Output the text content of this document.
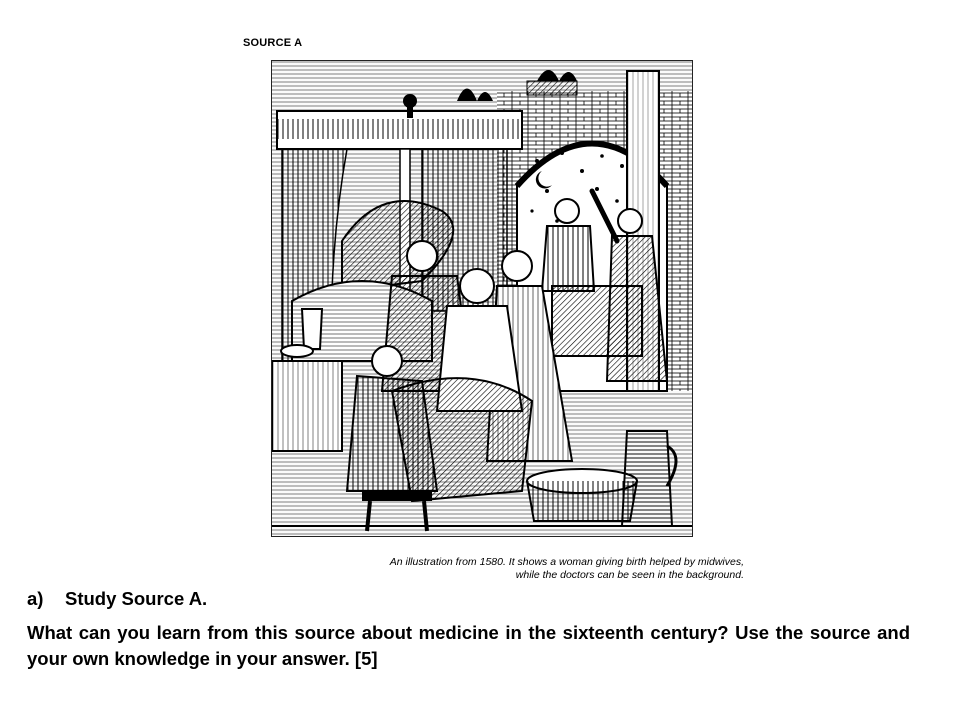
SOURCE A
An illustration from 1580. It shows a woman giving birth helped by midwives,
while the doctors can be seen in the background.
a) Study Source A.
What can you learn from this source about medicine in the sixteenth century? Use the source and your own knowledge in your answer. [5]
